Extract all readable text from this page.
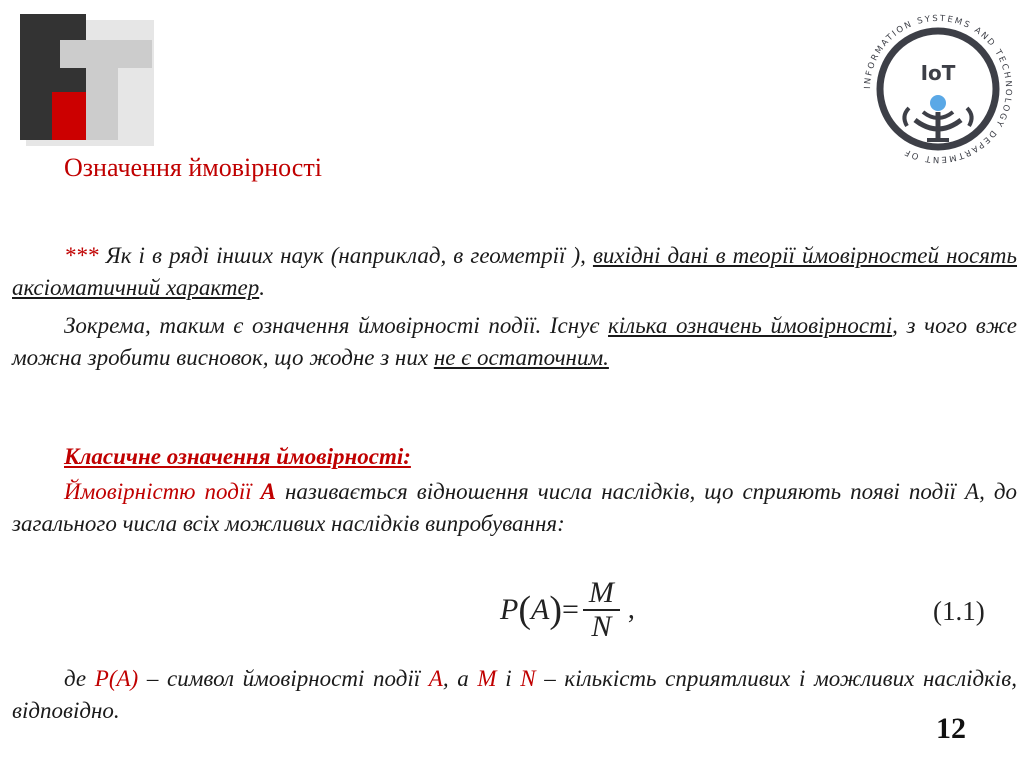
INFORMATION SYSTEMS AND TECHNOLOGY DEPARTMENT OF
IoT
Означення ймовірності

*** Як і в ряді інших наук (наприклад, в геометрії ), вихідні дані в теорії ймовірностей носять аксіоматичний характер.

Зокрема, таким є означення ймовірності події. Існує кілька означень ймовірності, з чого вже можна зробити висновок, що жодне з них не є остаточним.

Класичне означення ймовірності:

Ймовірністю події А називається відношення числа наслідків, що сприяють появі події А, до загального числа всіх можливих наслідків випробування:

P ( A ) = $\frac{M}{N}$ ,	(1.1)

де Р(А) – символ ймовірності події А, а М і N – кількість сприятливих і можливих наслідків, відповідно.

12
